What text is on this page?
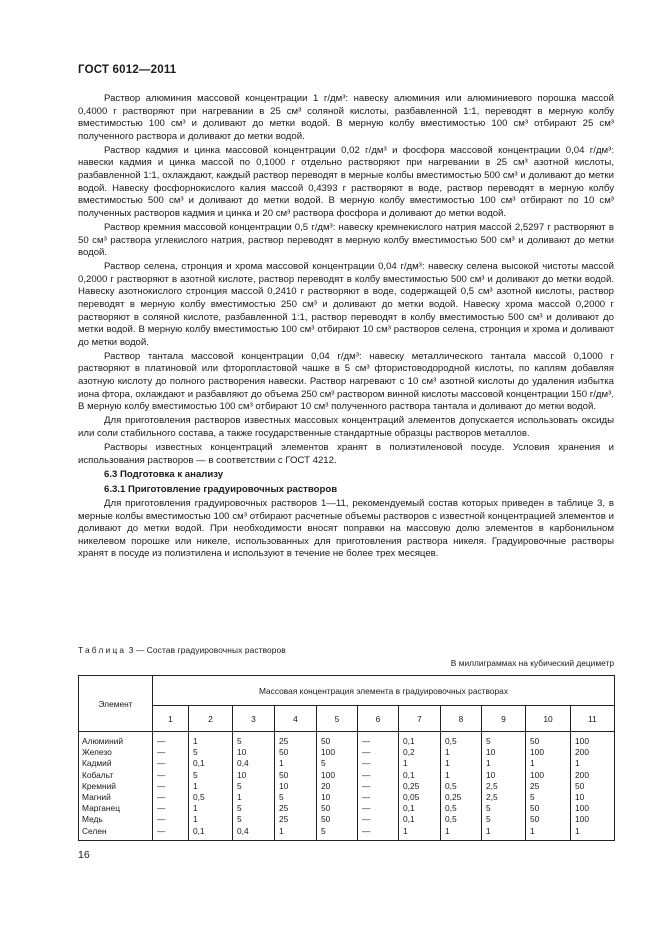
ГОСТ 6012—2011

Раствор алюминия массовой концентрации 1 г/дм³: навеску алюминия или алюминиевого порошка массой 0,4000 г растворяют при нагревании в 25 см³ соляной кислоты, разбавленной 1:1, переводят в мерную колбу вместимостью 100 см³ и доливают до метки водой. В мерную колбу вместимостью 100 см³ отбирают 25 см³ полученного раствора и доливают до метки водой.

Раствор кадмия и цинка массовой концентрации 0,02 г/дм³ и фосфора массовой концентрации 0,04 г/дм³: навески кадмия и цинка массой по 0,1000 г отдельно растворяют при нагревании в 25 см³ азотной кислоты, разбавленной 1:1, охлаждают, каждый раствор переводят в мерные колбы вместимостью 500 см³ и доливают до метки водой. Навеску фосфорнокислого калия массой 0,4393 г растворяют в воде, раствор переводят в мерную колбу вместимостью 500 см³ и доливают до метки водой. В мерную колбу вместимостью 100 см³ отбирают по 10 см³ полученных растворов кадмия и цинка и 20 см³ раствора фосфора и доливают до метки водой.

Раствор кремния массовой концентрации 0,5 г/дм³: навеску кремнекислого натрия массой 2,5297 г растворяют в 50 см³ раствора углекислого натрия, раствор переводят в мерную колбу вместимостью 500 см³ и доливают до метки водой.

Раствор селена, стронция и хрома массовой концентрации 0,04 г/дм³: навеску селена высокой чистоты массой 0,2000 г растворяют в азотной кислоте, раствор переводят в колбу вместимостью 500 см³ и доливают до метки водой. Навеску азотнокислого стронция массой 0,2410 г растворяют в воде, содержащей 0,5 см³ азотной кислоты, раствор переводят в мерную колбу вместимостью 250 см³ и доливают до метки водой. Навеску хрома массой 0,2000 г растворяют в соляной кислоте, разбавленной 1:1, раствор переводят в колбу вместимостью 500 см³ и доливают до метки водой. В мерную колбу вместимостью 100 см³ отбирают 10 см³ растворов селена, стронция и хрома и доливают до метки водой.

Раствор тантала массовой концентрации 0,04 г/дм³: навеску металлического тантала массой 0,1000 г растворяют в платиновой или фторопластовой чашке в 5 см³ фтористоводородной кислоты, по каплям добавляя азотную кислоту до полного растворения навески. Раствор нагревают с 10 см³ азотной кислоты до удаления избытка иона фтора, охлаждают и разбавляют до объема 250 см³ раствором винной кислоты массовой концентрации 150 г/дм³. В мерную колбу вместимостью 100 см³ отбирают 10 см³ полученного раствора тантала и доливают до метки водой.

Для приготовления растворов известных массовых концентраций элементов допускается использовать оксиды или соли стабильного состава, а также государственные стандартные образцы растворов металлов.

Растворы известных концентраций элементов хранят в полиэтиленовой посуде. Условия хранения и использования растворов — в соответствии с ГОСТ 4212.

6.3 Подготовка к анализу

6.3.1 Приготовление градуировочных растворов

Для приготовления градуировочных растворов 1—11, рекомендуемый состав которых приведен в таблице 3, в мерные колбы вместимостью 100 см³ отбирают расчетные объемы растворов с известной концентрацией элементов и доливают до метки водой. При необходимости вносят поправки на массовую долю элементов в карбонильном никелевом порошке или никеле, использованных для приготовления раствора никеля. Градуировочные растворы хранят в посуде из полиэтилена и используют в течение не более трех месяцев.

Таблица 3 — Состав градуировочных растворов
В миллиграммах на кубический дециметр
Элемент	Массовая концентрация элемента в градуировочных растворах										
	1	2	3	4	5	6	7	8	9	10	11
Алюминий	—	1	5	25	50	—	0,1	0,5	5	50	100
Железо	—	5	10	50	100	—	0,2	1	10	100	200
Кадмий	—	0,1	0,4	1	5	—	1	1	1	1	1
Кобальт	—	5	10	50	100	—	0,1	1	10	100	200
Кремний	—	1	5	10	20	—	0,25	0,5	2,5	25	50
Магний	—	0,5	1	5	10	—	0,05	0,25	2,5	5	10
Марганец	—	1	5	25	50	—	0,1	0,5	5	50	100
Медь	—	1	5	25	50	—	0,1	0,5	5	50	100
Селен	—	0,1	0,4	1	5	—	1	1	1	1	1
16
